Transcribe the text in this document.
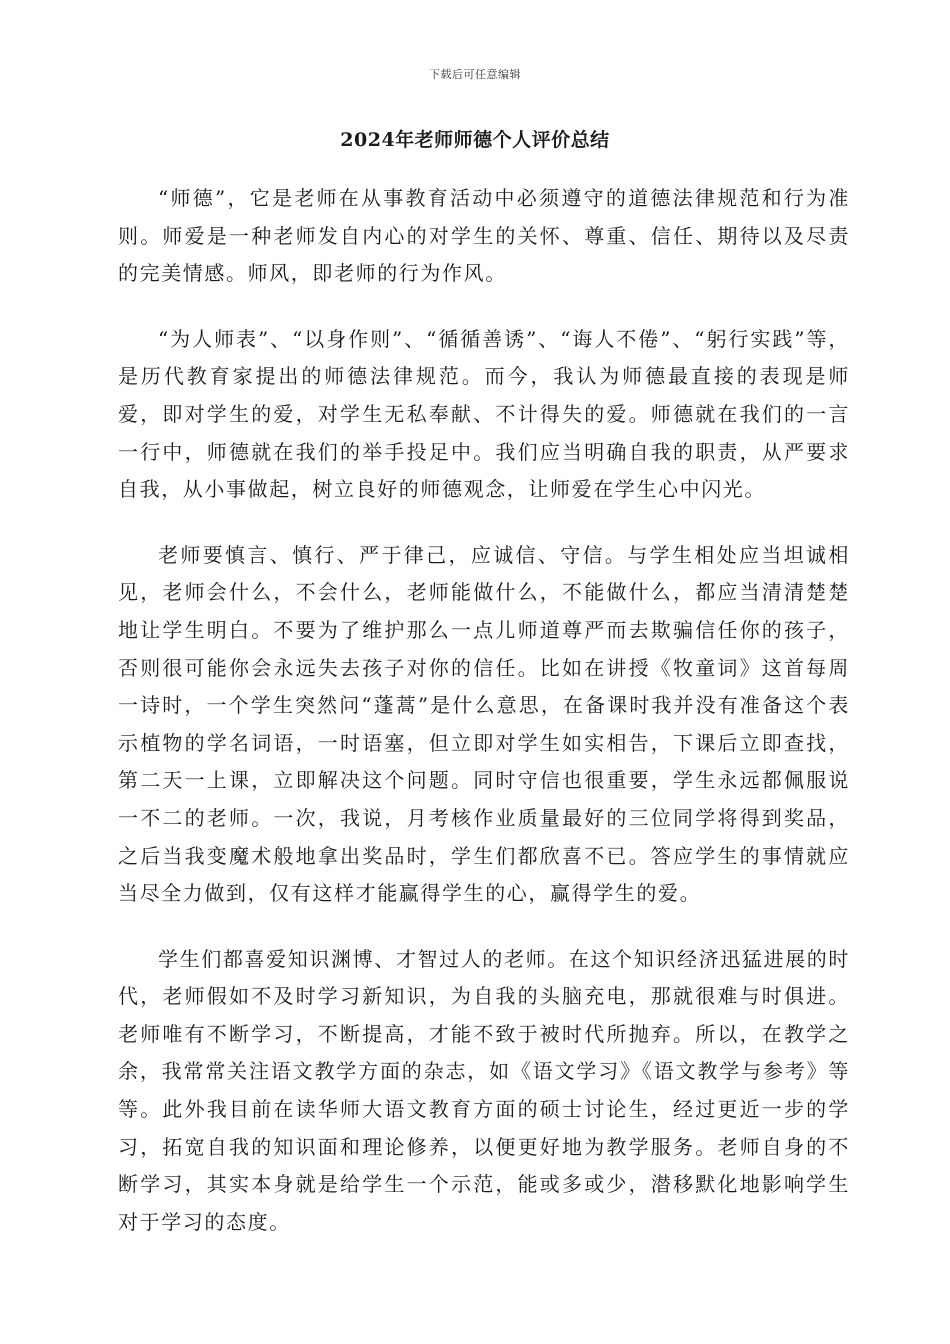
下载后可任意编辑
2024年老师师德个人评价总结

“师德”，它是老师在从事教育活动中必须遵守的道德法律规范和行为准则。师爱是一种老师发自内心的对学生的关怀、尊重、信任、期待以及尽责的完美情感。师风，即老师的行为作风。

“为人师表”、“以身作则”、“循循善诱”、“诲人不倦”、“躬行实践”等，是历代教育家提出的师德法律规范。而今，我认为师德最直接的表现是师爱，即对学生的爱，对学生无私奉献、不计得失的爱。师德就在我们的一言一行中，师德就在我们的举手投足中。我们应当明确自我的职责，从严要求自我，从小事做起，树立良好的师德观念，让师爱在学生心中闪光。

老师要慎言、慎行、严于律己，应诚信、守信。与学生相处应当坦诚相见，老师会什么，不会什么，老师能做什么，不能做什么，都应当清清楚楚地让学生明白。不要为了维护那么一点儿师道尊严而去欺骗信任你的孩子，否则很可能你会永远失去孩子对你的信任。比如在讲授《牧童词》这首每周一诗时，一个学生突然问“蓬蒿”是什么意思，在备课时我并没有准备这个表示植物的学名词语，一时语塞，但立即对学生如实相告，下课后立即查找，第二天一上课，立即解决这个问题。同时守信也很重要，学生永远都佩服说一不二的老师。一次，我说，月考核作业质量最好的三位同学将得到奖品，之后当我变魔术般地拿出奖品时，学生们都欣喜不已。答应学生的事情就应当尽全力做到，仅有这样才能赢得学生的心，赢得学生的爱。

学生们都喜爱知识渊博、才智过人的老师。在这个知识经济迅猛进展的时代，老师假如不及时学习新知识，为自我的头脑充电，那就很难与时俱进。老师唯有不断学习，不断提高，才能不致于被时代所抛弃。所以，在教学之余，我常常关注语文教学方面的杂志，如《语文学习》《语文教学与参考》等等。此外我目前在读华师大语文教育方面的硕士讨论生，经过更近一步的学习，拓宽自我的知识面和理论修养，以便更好地为教学服务。老师自身的不断学习，其实本身就是给学生一个示范，能或多或少，潜移默化地影响学生对于学习的态度。
